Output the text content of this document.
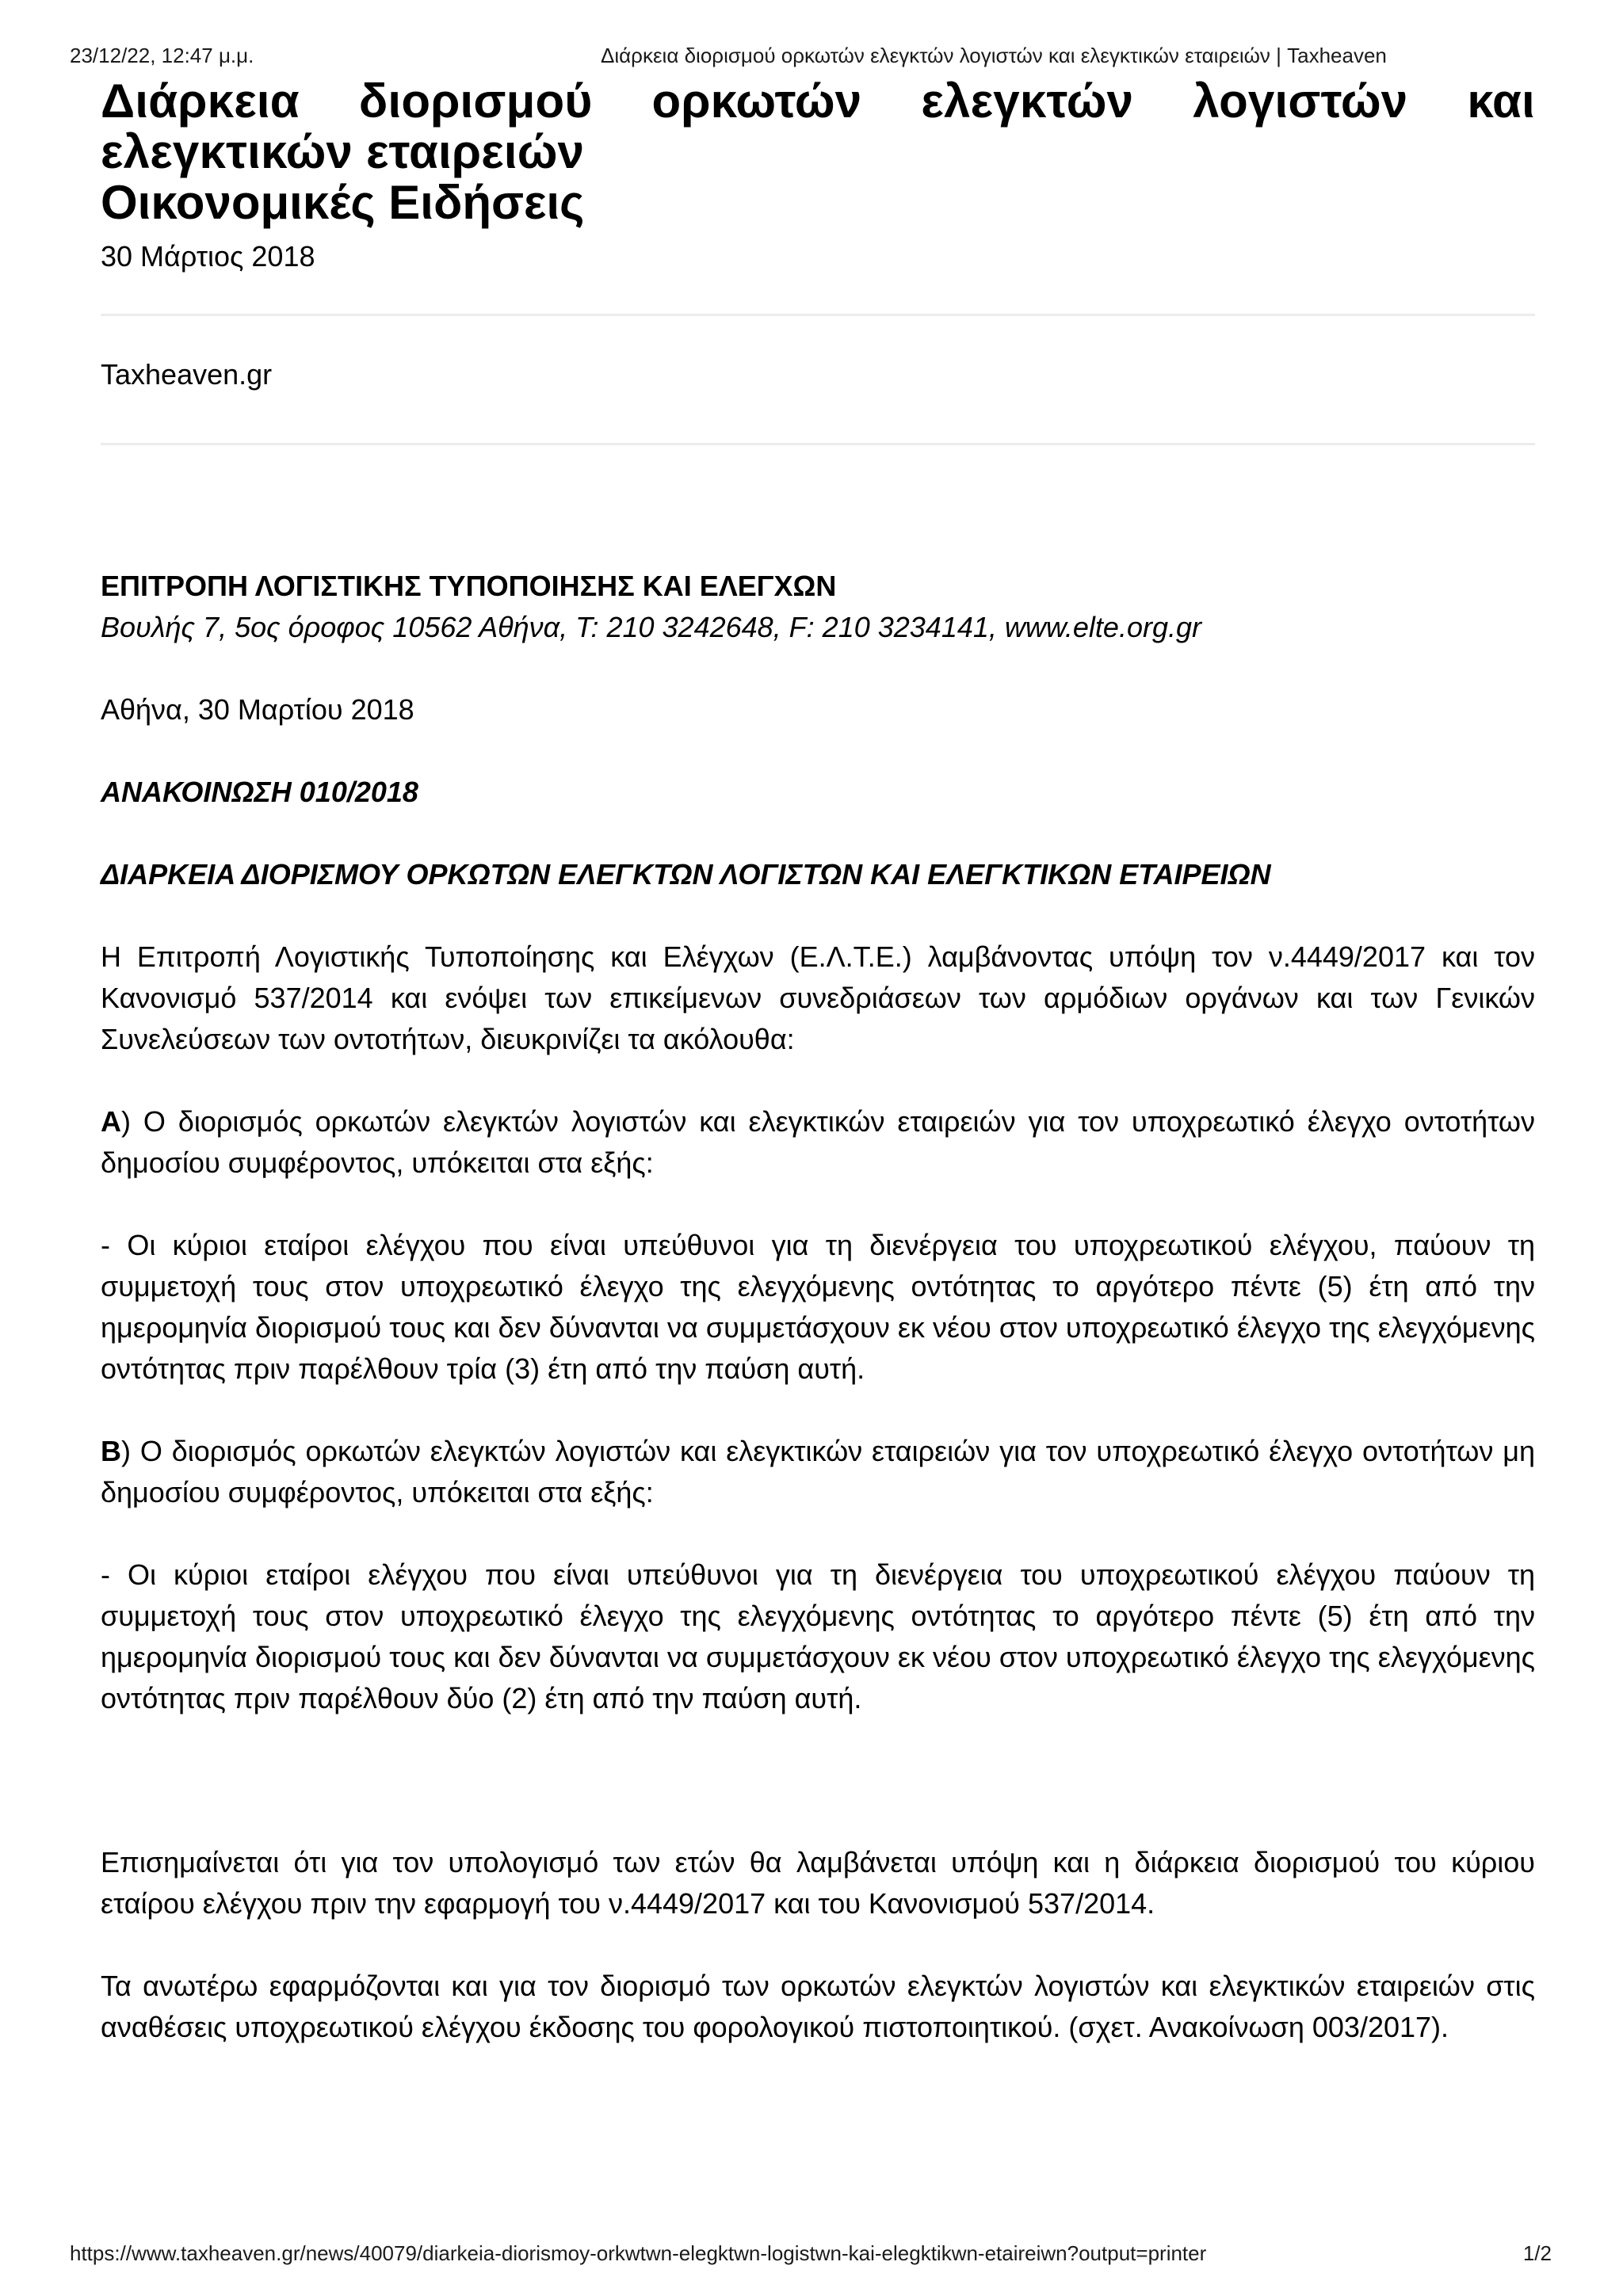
23/12/22, 12:47 μ.μ.	Διάρκεια διορισμού ορκωτών ελεγκτών λογιστών και ελεγκτικών εταιρειών | Taxheaven
Διάρκεια διορισμού ορκωτών ελεγκτών λογιστών και ελεγκτικών εταιρειών
Οικονομικές Ειδήσεις
30 Μάρτιος 2018
Taxheaven.gr
ΕΠΙΤΡΟΠΗ ΛΟΓΙΣΤΙΚΗΣ ΤΥΠΟΠΟΙΗΣΗΣ ΚΑΙ ΕΛΕΓΧΩΝ
Βουλής 7, 5ος όροφος 10562 Αθήνα, Τ: 210 3242648, F: 210 3234141, www.elte.org.gr

Αθήνα, 30 Μαρτίου 2018

ΑΝΑΚΟΙΝΩΣΗ 010/2018

ΔΙΑΡΚΕΙΑ ΔΙΟΡΙΣΜΟΥ ΟΡΚΩΤΩΝ ΕΛΕΓΚΤΩΝ ΛΟΓΙΣΤΩΝ ΚΑΙ ΕΛΕΓΚΤΙΚΩΝ ΕΤΑΙΡΕΙΩΝ

Η Επιτροπή Λογιστικής Τυποποίησης και Ελέγχων (Ε.Λ.Τ.Ε.) λαμβάνοντας υπόψη τον ν.4449/2017 και τον Κανονισμό 537/2014 και ενόψει των επικείμενων συνεδριάσεων των αρμόδιων οργάνων και των Γενικών Συνελεύσεων των οντοτήτων, διευκρινίζει τα ακόλουθα:

Α) Ο διορισμός ορκωτών ελεγκτών λογιστών και ελεγκτικών εταιρειών για τον υποχρεωτικό έλεγχο οντοτήτων δημοσίου συμφέροντος, υπόκειται στα εξής:

- Οι κύριοι εταίροι ελέγχου που είναι υπεύθυνοι για τη διενέργεια του υποχρεωτικού ελέγχου, παύουν τη συμμετοχή τους στον υποχρεωτικό έλεγχο της ελεγχόμενης οντότητας το αργότερο πέντε (5) έτη από την ημερομηνία διορισμού τους και δεν δύνανται να συμμετάσχουν εκ νέου στον υποχρεωτικό έλεγχο της ελεγχόμενης οντότητας πριν παρέλθουν τρία (3) έτη από την παύση αυτή.

Β) Ο διορισμός ορκωτών ελεγκτών λογιστών και ελεγκτικών εταιρειών για τον υποχρεωτικό έλεγχο οντοτήτων μη δημοσίου συμφέροντος, υπόκειται στα εξής:

- Οι κύριοι εταίροι ελέγχου που είναι υπεύθυνοι για τη διενέργεια του υποχρεωτικού ελέγχου παύουν τη συμμετοχή τους στον υποχρεωτικό έλεγχο της ελεγχόμενης οντότητας το αργότερο πέντε (5) έτη από την ημερομηνία διορισμού τους και δεν δύνανται να συμμετάσχουν εκ νέου στον υποχρεωτικό έλεγχο της ελεγχόμενης οντότητας πριν παρέλθουν δύο (2) έτη από την παύση αυτή.

Επισημαίνεται ότι για τον υπολογισμό των ετών θα λαμβάνεται υπόψη και η διάρκεια διορισμού του κύριου εταίρου ελέγχου πριν την εφαρμογή του ν.4449/2017 και του Κανονισμού 537/2014.

Τα ανωτέρω εφαρμόζονται και για τον διορισμό των ορκωτών ελεγκτών λογιστών και ελεγκτικών εταιρειών στις αναθέσεις υποχρεωτικού ελέγχου έκδοσης του φορολογικού πιστοποιητικού. (σχετ. Ανακοίνωση 003/2017).

https://www.taxheaven.gr/news/40079/diarkeia-diorismoy-orkwtwn-elegktwn-logistwn-kai-elegktikwn-etaireiwn?output=printer	1/2
